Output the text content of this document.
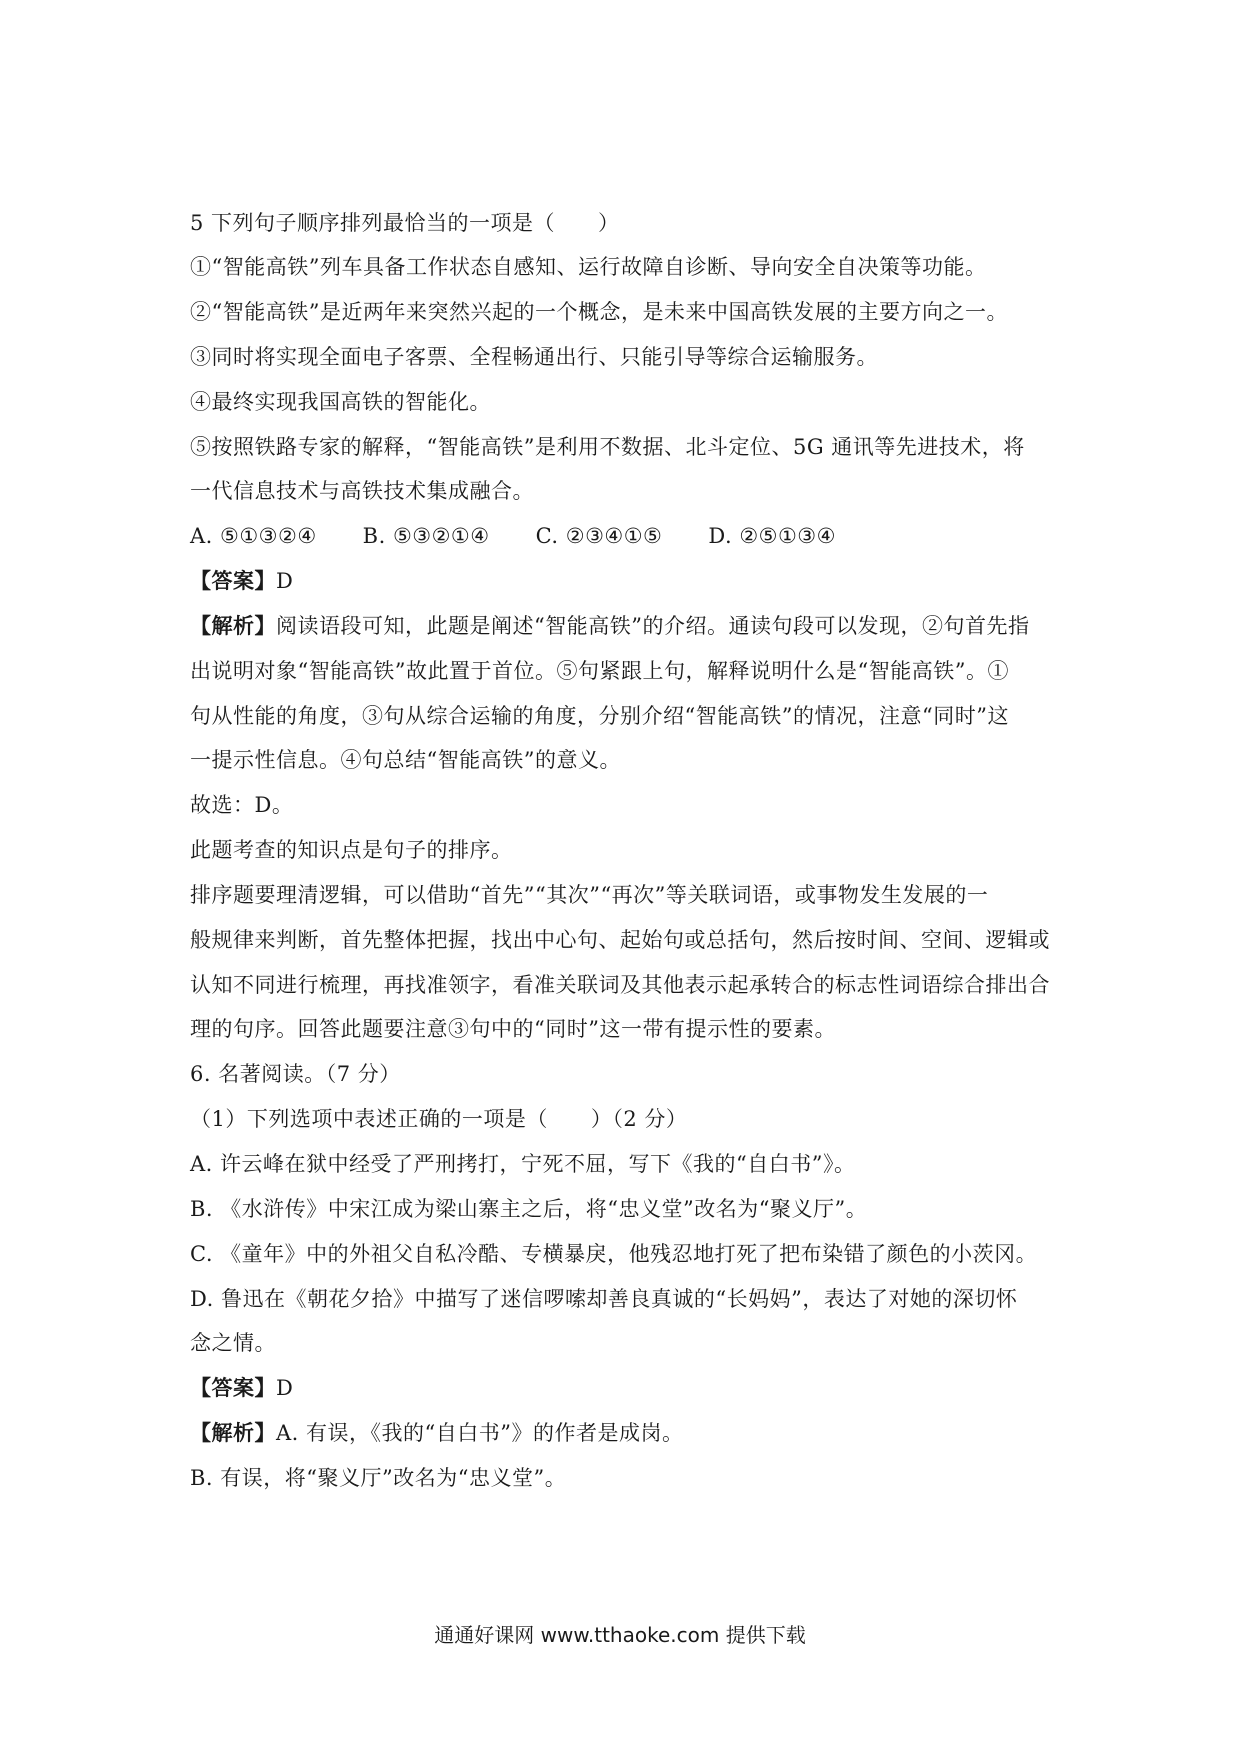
5 下列句子顺序排列最恰当的一项是（　　）
①“智能高铁”列车具备工作状态自感知、运行故障自诊断、导向安全自决策等功能。
②“智能高铁”是近两年来突然兴起的一个概念，是未来中国高铁发展的主要方向之一。
③同时将实现全面电子客票、全程畅通出行、只能引导等综合运输服务。
④最终实现我国高铁的智能化。
⑤按照铁路专家的解释，“智能高铁”是利用不数据、北斗定位、5G 通讯等先进技术，将
一代信息技术与高铁技术集成融合。
A. ⑤①③②④ B. ⑤③②①④ C. ②③④①⑤ D. ②⑤①③④
【答案】D
【解析】阅读语段可知，此题是阐述“智能高铁”的介绍。通读句段可以发现，②句首先指
出说明对象“智能高铁”故此置于首位。⑤句紧跟上句，解释说明什么是“智能高铁”。①
句从性能的角度，③句从综合运输的角度，分别介绍“智能高铁”的情况，注意“同时”这
一提示性信息。④句总结“智能高铁”的意义。
故选：D。
此题考查的知识点是句子的排序。
排序题要理清逻辑，可以借助“首先”“其次”“再次”等关联词语，或事物发生发展的一
般规律来判断，首先整体把握，找出中心句、起始句或总括句，然后按时间、空间、逻辑或
认知不同进行梳理，再找准领字，看准关联词及其他表示起承转合的标志性词语综合排出合
理的句序。回答此题要注意③句中的“同时”这一带有提示性的要素。
6. 名著阅读。（7 分）
（1）下列选项中表述正确的一项是（　　）（2 分）
A. 许云峰在狱中经受了严刑拷打，宁死不屈，写下《我的“自白书”》。
B. 《水浒传》中宋江成为梁山寨主之后，将“忠义堂”改名为“聚义厅”。
C. 《童年》中的外祖父自私冷酷、专横暴戾，他残忍地打死了把布染错了颜色的小茨冈。
D. 鲁迅在《朝花夕拾》中描写了迷信啰嗦却善良真诚的“长妈妈”，表达了对她的深切怀
念之情。
【答案】D
【解析】A. 有误，《我的“自白书”》的作者是成岗。
B. 有误，将“聚义厅”改名为“忠义堂”。
通通好课网 www.tthaoke.com 提供下载
